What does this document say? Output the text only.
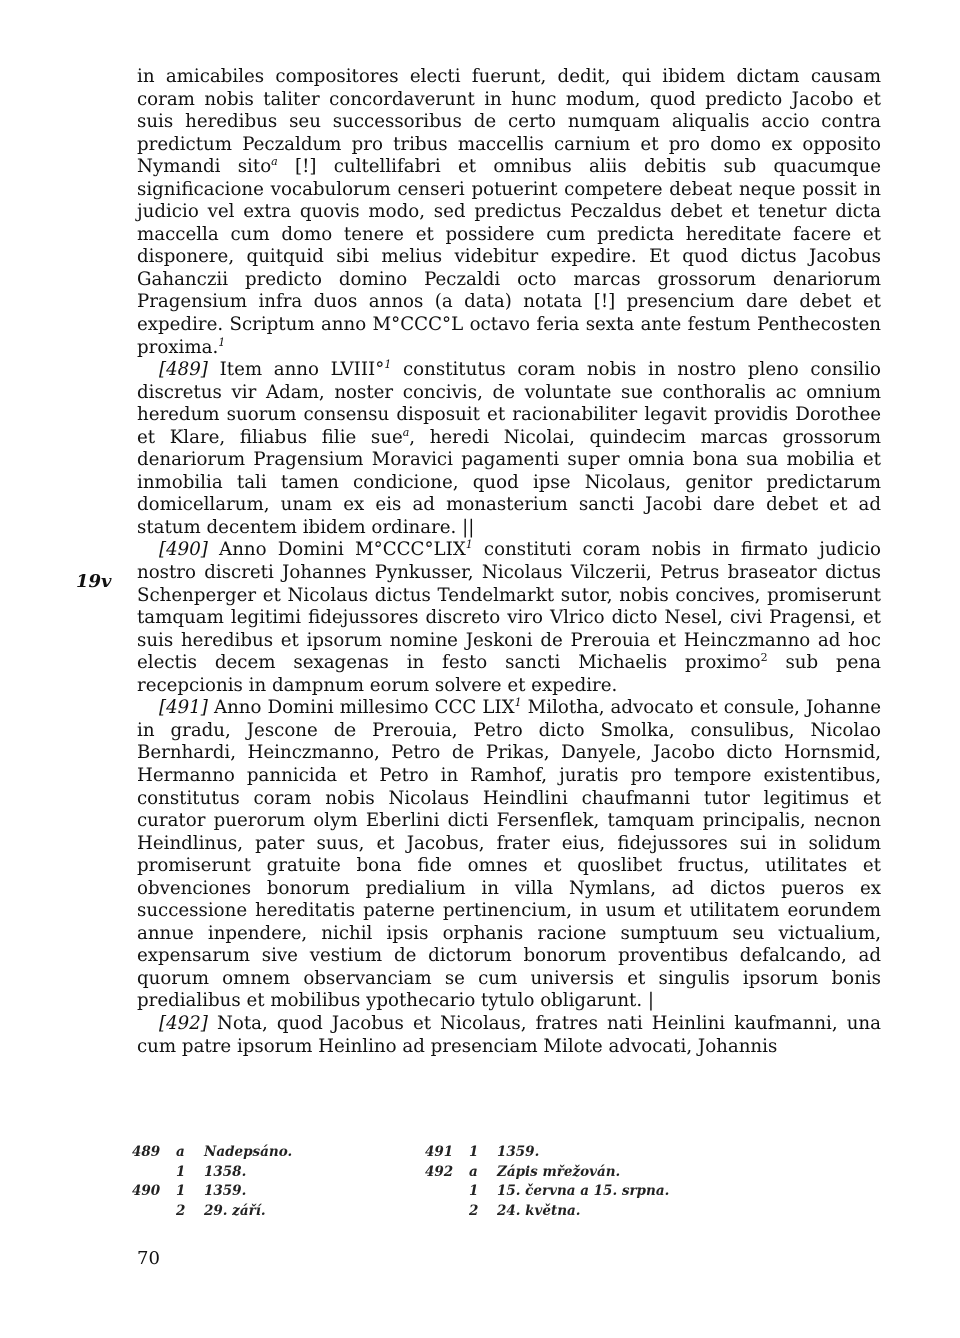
in amicabiles compositores electi fuerunt, dedit, qui ibidem dictam causam coram nobis taliter concordaverunt in hunc modum, quod predicto Jacobo et suis heredibus seu successoribus de certo numquam aliqualis accio contra predictum Peczaldum pro tribus maccellis carnium et pro domo ex opposito Nymandi sito$^a$ [!] cultellifabri et omnibus aliis debitis sub quacumque significacione vocabulorum censeri potuerint competere debeat neque possit in judicio vel extra quovis modo, sed predictus Peczaldus debet et tenetur dicta maccella cum domo tenere et possidere cum predicta hereditate facere et disponere, quitquid sibi melius videbitur expedire. Et quod dictus Jacobus Gahanczii predicto domino Peczaldi octo marcas grossorum denariorum Pragensium infra duos annos (a data) notata [!] presencium dare debet et expedire. Scriptum anno M°CCC°L octavo feria sexta ante festum Penthecosten proxima.$^1$

[489] Item anno LVIII°$^1$ constitutus coram nobis in nostro pleno consilio discretus vir Adam, noster concivis, de voluntate sue conthoralis ac omnium heredum suorum consensu disposuit et racionabiliter legavit providis Dorothee et Klare, filiabus filie sue$^a$, heredi Nicolai, quindecim marcas grossorum denariorum Pragensium Moravici pagamenti super omnia bona sua mobilia et inmobilia tali tamen condicione, quod ipse Nicolaus, genitor predictarum domicellarum, unam ex eis ad monasterium sancti Jacobi dare debet et ad statum decentem ibidem ordinare. ||

[490] Anno Domini M°CCC°LIX$^1$ constituti coram nobis in firmato judicio nostro discreti Johannes Pynkusser, Nicolaus Vilczerii, Petrus braseator dictus Schenperger et Nicolaus dictus Tendelmarkt sutor, nobis concives, promiserunt tamquam legitimi fidejussores discreto viro Vlrico dicto Nesel, civi Pragensi, et suis heredibus et ipsorum nomine Jeskoni de Prerouia et Heinczmanno ad hoc electis decem sexagenas in festo sancti Michaelis proximo$^2$ sub pena recepcionis in dampnum eorum solvere et expedire.

[491] Anno Domini millesimo CCC LIX$^1$ Milotha, advocato et consule, Johanne in gradu, Jescone de Prerouia, Petro dicto Smolka, consulibus, Nicolao Bernhardi, Heinczmanno, Petro de Prikas, Danyele, Jacobo dicto Hornsmid, Hermanno pannicida et Petro in Ramhof, juratis pro tempore existentibus, constitutus coram nobis Nicolaus Heindlini chaufmanni tutor legitimus et curator puerorum olym Eberlini dicti Fersenflek, tamquam principalis, necnon Heindlinus, pater suus, et Jacobus, frater eius, fidejussores sui in solidum promiserunt gratuite bona fide omnes et quoslibet fructus, utilitates et obvenciones bonorum predialium in villa Nymlans, ad dictos pueros ex successione hereditatis paterne pertinencium, in usum et utilitatem eorundem annue inpendere, nichil ipsis orphanis racione sumptuum seu victualium, expensarum sive vestium de dictorum bonorum proventibus defalcando, ad quorum omnem observanciam se cum universis et singulis ipsorum bonis predialibus et mobilibus ypothecario tytulo obligarunt. |

[492] Nota, quod Jacobus et Nicolaus, fratres nati Heinlini kaufmanni, una cum patre ipsorum Heinlino ad presenciam Milote advocati, Johannis

19v
489 a Nadepsáno.
1 1358.
490 1 1359.
2 29. září.
491 1 1359.
492 a Zápis mřežován.
1 15. června a 15. srpna.
2 24. května.
70
